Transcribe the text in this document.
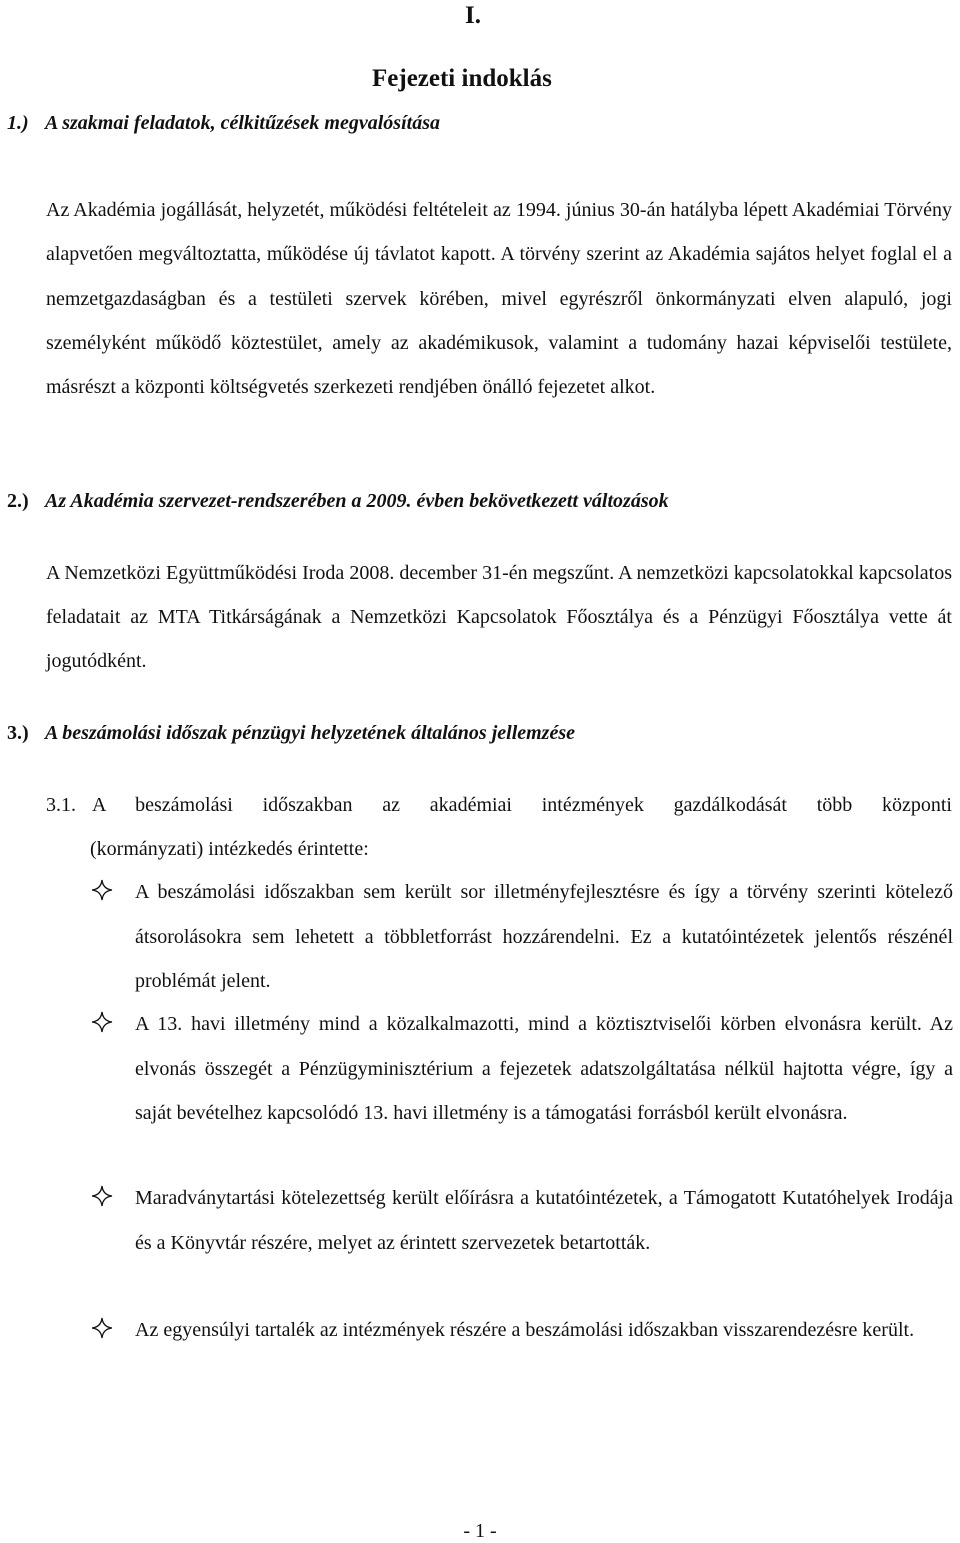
I.
Fejezeti indoklás
1.) A szakmai feladatok, célkitűzések megvalósítása

Az Akadémia jogállását, helyzetét, működési feltételeit az 1994. június 30-án hatályba lépett Akadémiai Törvény alapvetően megváltoztatta, működése új távlatot kapott. A törvény szerint az Akadémia sajátos helyet foglal el a nemzetgazdaságban és a testületi szervek körében, mivel egyrészről önkormányzati elven alapuló, jogi személyként működő köztestület, amely az akadémikusok, valamint a tudomány hazai képviselői testülete, másrészt a központi költségvetés szerkezeti rendjében önálló fejezetet alkot.

2.) Az Akadémia szervezet-rendszerében a 2009. évben bekövetkezett változások

A Nemzetközi Együttműködési Iroda 2008. december 31-én megszűnt. A nemzetközi kapcsolatokkal kapcsolatos feladatait az MTA Titkárságának a Nemzetközi Kapcsolatok Főosztálya és a Pénzügyi Főosztálya vette át jogutódként.

3.) A beszámolási időszak pénzügyi helyzetének általános jellemzése
3.1. A beszámolási időszakban az akadémiai intézmények gazdálkodását több központi
(kormányzati) intézkedés érintette:
A beszámolási időszakban sem került sor illetményfejlesztésre és így a törvény szerinti kötelező átsorolásokra sem lehetett a többletforrást hozzárendelni. Ez a kutatóintézetek jelentős részénél problémát jelent.
A 13. havi illetmény mind a közalkalmazotti, mind a köztisztviselői körben elvonásra került. Az elvonás összegét a Pénzügyminisztérium a fejezetek adatszolgáltatása nélkül hajtotta végre, így a saját bevételhez kapcsolódó 13. havi illetmény is a támogatási forrásból került elvonásra.
Maradványtartási kötelezettség került előírásra a kutatóintézetek, a Támogatott Kutatóhelyek Irodája és a Könyvtár részére, melyet az érintett szervezetek betartották.
Az egyensúlyi tartalék az intézmények részére a beszámolási időszakban visszarendezésre került.
- 1 -
